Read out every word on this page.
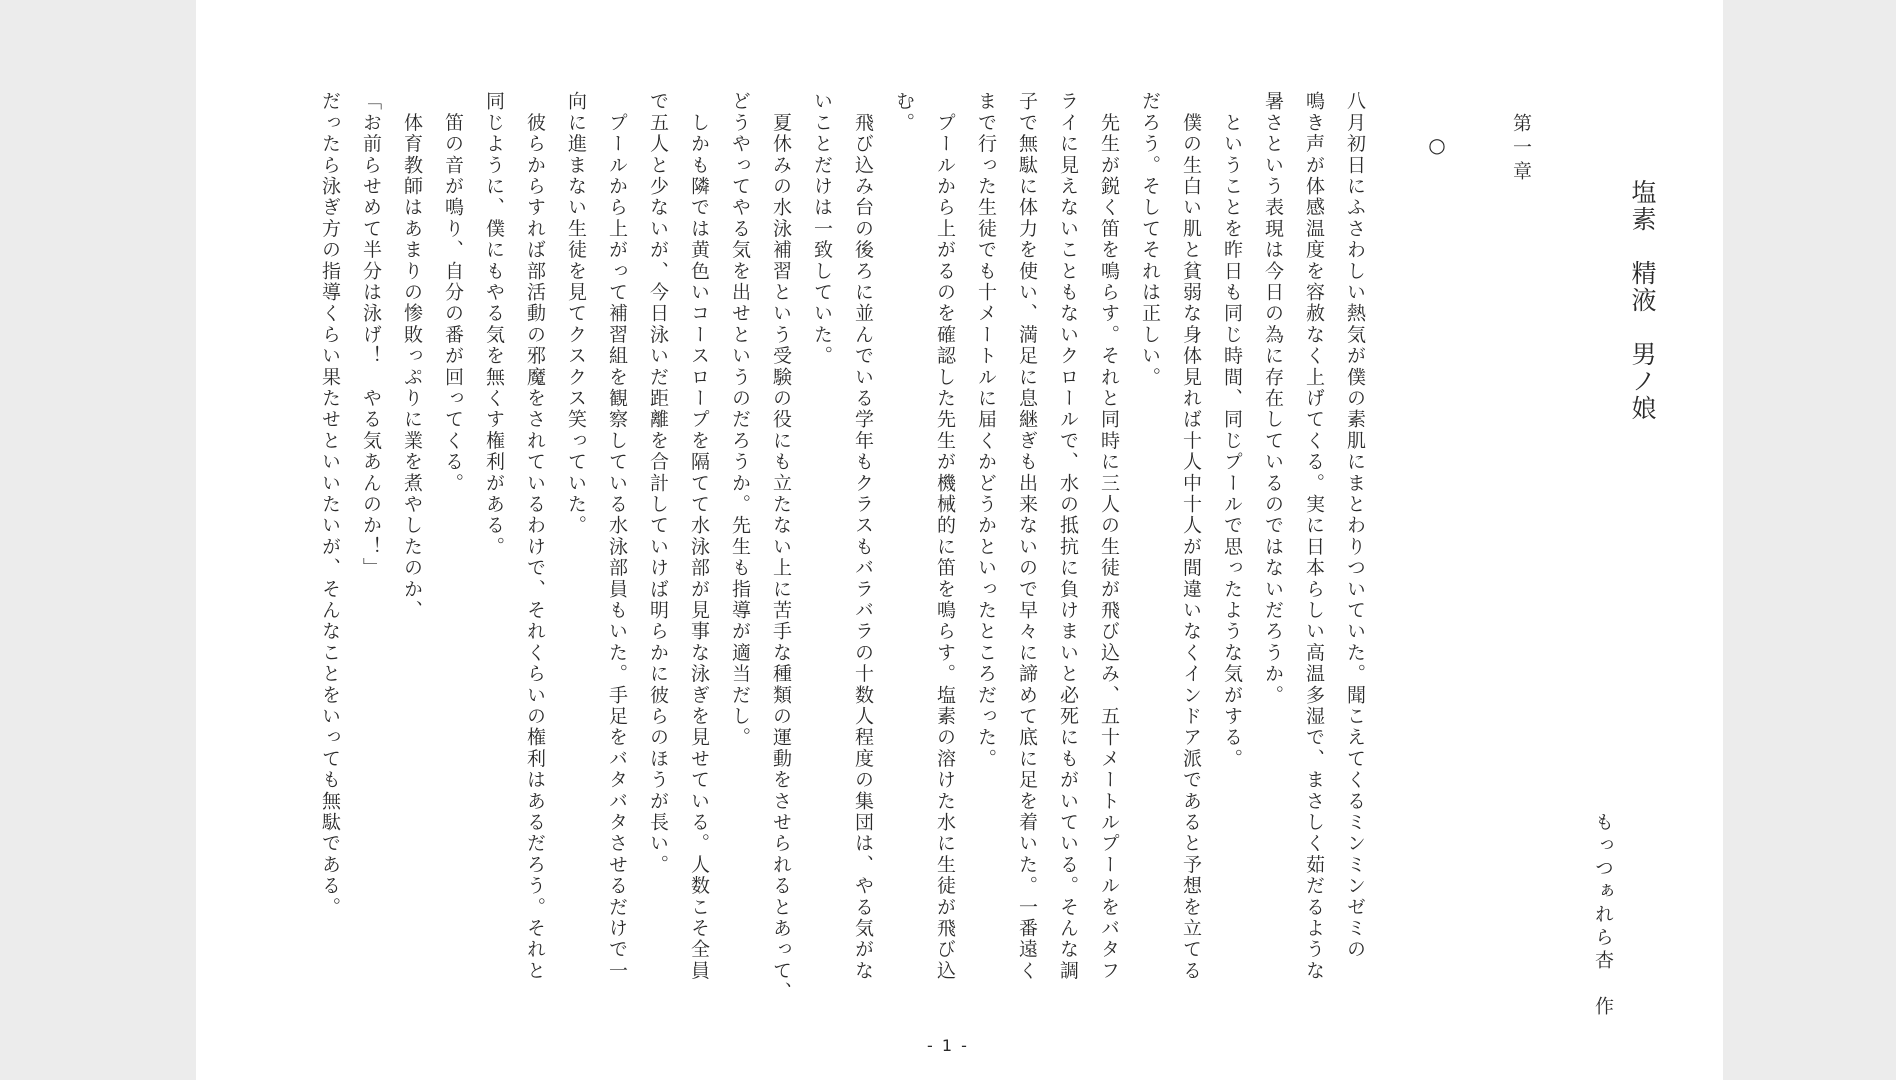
塩素　精液　男ノ娘
もっつぁれら杏　作
第一章
○
八月初日にふさわしい熱気が僕の素肌にまとわりついていた。聞こえてくるミンミンゼミの
鳴き声が体感温度を容赦なく上げてくる。実に日本らしい高温多湿で、まさしく茹だるような
暑さという表現は今日の為に存在しているのではないだろうか。
　ということを昨日も同じ時間、同じプールで思ったような気がする。
　僕の生白い肌と貧弱な身体見れば十人中十人が間違いなくインドア派であると予想を立てる
だろう。そしてそれは正しい。
　先生が鋭く笛を鳴らす。それと同時に三人の生徒が飛び込み、五十メートルプールをバタフ
ライに見えないこともないクロールで、水の抵抗に負けまいと必死にもがいている。そんな調
子で無駄に体力を使い、満足に息継ぎも出来ないので早々に諦めて底に足を着いた。一番遠く
まで行った生徒でも十メートルに届くかどうかといったところだった。
　プールから上がるのを確認した先生が機械的に笛を鳴らす。塩素の溶けた水に生徒が飛び込
む。
　飛び込み台の後ろに並んでいる学年もクラスもバラバラの十数人程度の集団は、やる気がな
いことだけは一致していた。
　夏休みの水泳補習という受験の役にも立たない上に苦手な種類の運動をさせられるとあって、
どうやってやる気を出せというのだろうか。先生も指導が適当だし。
　しかも隣では黄色いコースロープを隔てて水泳部が見事な泳ぎを見せている。人数こそ全員
で五人と少ないが、今日泳いだ距離を合計していけば明らかに彼らのほうが長い。
　プールから上がって補習組を観察している水泳部員もいた。手足をバタバタさせるだけで一
向に進まない生徒を見てクスクス笑っていた。
　彼らからすれば部活動の邪魔をされているわけで、それくらいの権利はあるだろう。それと
同じように、僕にもやる気を無くす権利がある。
　笛の音が鳴り、自分の番が回ってくる。
　体育教師はあまりの惨敗っぷりに業を煮やしたのか、
「お前らせめて半分は泳げ！　やる気あんのか！」
だったら泳ぎ方の指導くらい果たせといいたいが、そんなことをいっても無駄である。
- 1 -
